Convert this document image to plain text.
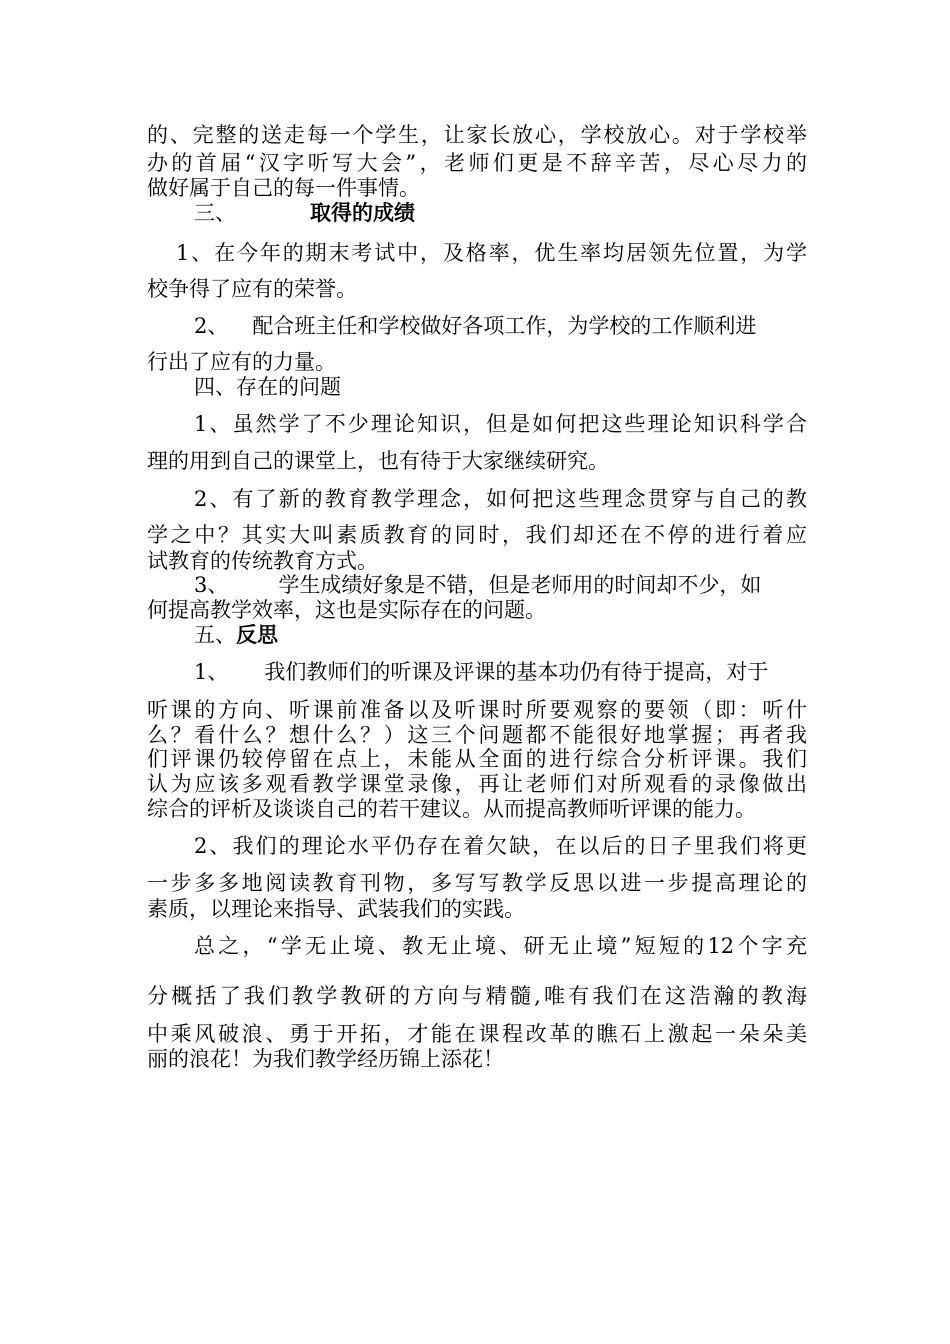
的、完整的送走每一个学生，让家长放心，学校放心。对于学校举
办的首届“汉字听写大会”，老师们更是不辞辛苦，尽心尽力的
做好属于自己的每一件事情。
三、	取得的成绩
1、在今年的期末考试中，及格率，优生率均居领先位置，为学
校争得了应有的荣誉。
2、 配合班主任和学校做好各项工作，为学校的工作顺利进
行出了应有的力量。
四、存在的问题
1、虽然学了不少理论知识，但是如何把这些理论知识科学合
理的用到自己的课堂上，也有待于大家继续研究。
2、有了新的教育教学理念，如何把这些理念贯穿与自己的教
学之中？其实大叫素质教育的同时，我们却还在不停的进行着应
试教育的传统教育方式。
3、 学生成绩好象是不错，但是老师用的时间却不少，如
何提高教学效率，这也是实际存在的问题。
五、反思
1、 我们教师们的听课及评课的基本功仍有待于提高，对于
听课的方向、听课前准备以及听课时所要观察的要领（即：听什
么？看什么？想什么？）这三个问题都不能很好地掌握；再者我
们评课仍较停留在点上，未能从全面的进行综合分析评课。我们
认为应该多观看教学课堂录像，再让老师们对所观看的录像做出
综合的评析及谈谈自己的若干建议。从而提高教师听评课的能力。
2、我们的理论水平仍存在着欠缺，在以后的日子里我们将更
一步多多地阅读教育刊物，多写写教学反思以进一步提高理论的
素质，以理论来指导、武装我们的实践。
总之，“学无止境、教无止境、研无止境”短短的12个字充
分概括了我们教学教研的方向与精髓,唯有我们在这浩瀚的教海
中乘风破浪、勇于开拓，才能在课程改革的瞧石上激起一朵朵美
丽的浪花！为我们教学经历锦上添花！
